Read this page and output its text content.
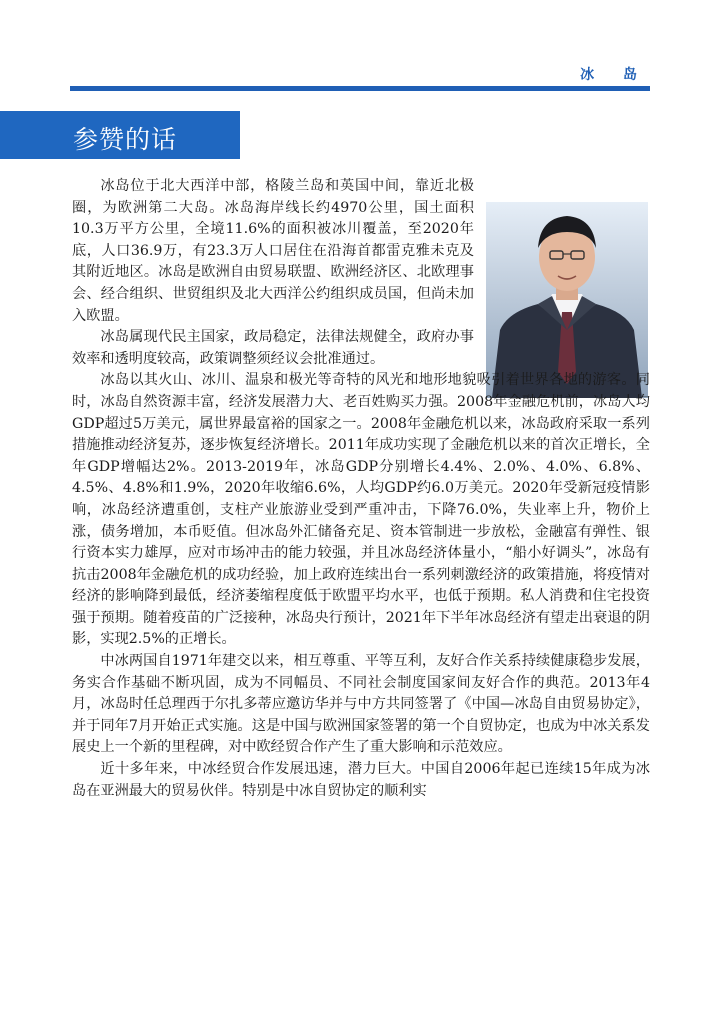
冰 岛
参赞的话

冰岛位于北大西洋中部，格陵兰岛和英国中间，靠近北极圈，为欧洲第二大岛。冰岛海岸线长约4970公里，国土面积10.3万平方公里，全境11.6%的面积被冰川覆盖，至2020年底，人口36.9万，有23.3万人口居住在沿海首都雷克雅未克及其附近地区。冰岛是欧洲自由贸易联盟、欧洲经济区、北欧理事会、经合组织、世贸组织及北大西洋公约组织成员国，但尚未加入欧盟。

冰岛属现代民主国家，政局稳定，法律法规健全，政府办事效率和透明度较高，政策调整须经议会批准通过。

冰岛以其火山、冰川、温泉和极光等奇特的风光和地形地貌吸引着世界各地的游客。同时，冰岛自然资源丰富，经济发展潜力大、老百姓购买力强。2008年金融危机前，冰岛人均GDP超过5万美元，属世界最富裕的国家之一。2008年金融危机以来，冰岛政府采取一系列措施推动经济复苏，逐步恢复经济增长。2011年成功实现了金融危机以来的首次正增长，全年GDP增幅达2%。2013-2019年，冰岛GDP分别增长4.4%、2.0%、4.0%、6.8%、4.5%、4.8%和1.9%，2020年收缩6.6%，人均GDP约6.0万美元。2020年受新冠疫情影响，冰岛经济遭重创，支柱产业旅游业受到严重冲击，下降76.0%，失业率上升，物价上涨，债务增加，本币贬值。但冰岛外汇储备充足、资本管制进一步放松，金融富有弹性、银行资本实力雄厚，应对市场冲击的能力较强，并且冰岛经济体量小，“船小好调头”，冰岛有抗击2008年金融危机的成功经验，加上政府连续出台一系列刺激经济的政策措施，将疫情对经济的影响降到最低，经济萎缩程度低于欧盟平均水平，也低于预期。私人消费和住宅投资强于预期。随着疫苗的广泛接种，冰岛央行预计，2021年下半年冰岛经济有望走出衰退的阴影，实现2.5%的正增长。

中冰两国自1971年建交以来，相互尊重、平等互利，友好合作关系持续健康稳步发展，务实合作基础不断巩固，成为不同幅员、不同社会制度国家间友好合作的典范。2013年4月，冰岛时任总理西于尔扎多蒂应邀访华并与中方共同签署了《中国—冰岛自由贸易协定》，并于同年7月开始正式实施。这是中国与欧洲国家签署的第一个自贸协定，也成为中冰关系发展史上一个新的里程碑，对中欧经贸合作产生了重大影响和示范效应。

近十多年来，中冰经贸合作发展迅速，潜力巨大。中国自2006年起已连续15年成为冰岛在亚洲最大的贸易伙伴。特别是中冰自贸协定的顺利实
